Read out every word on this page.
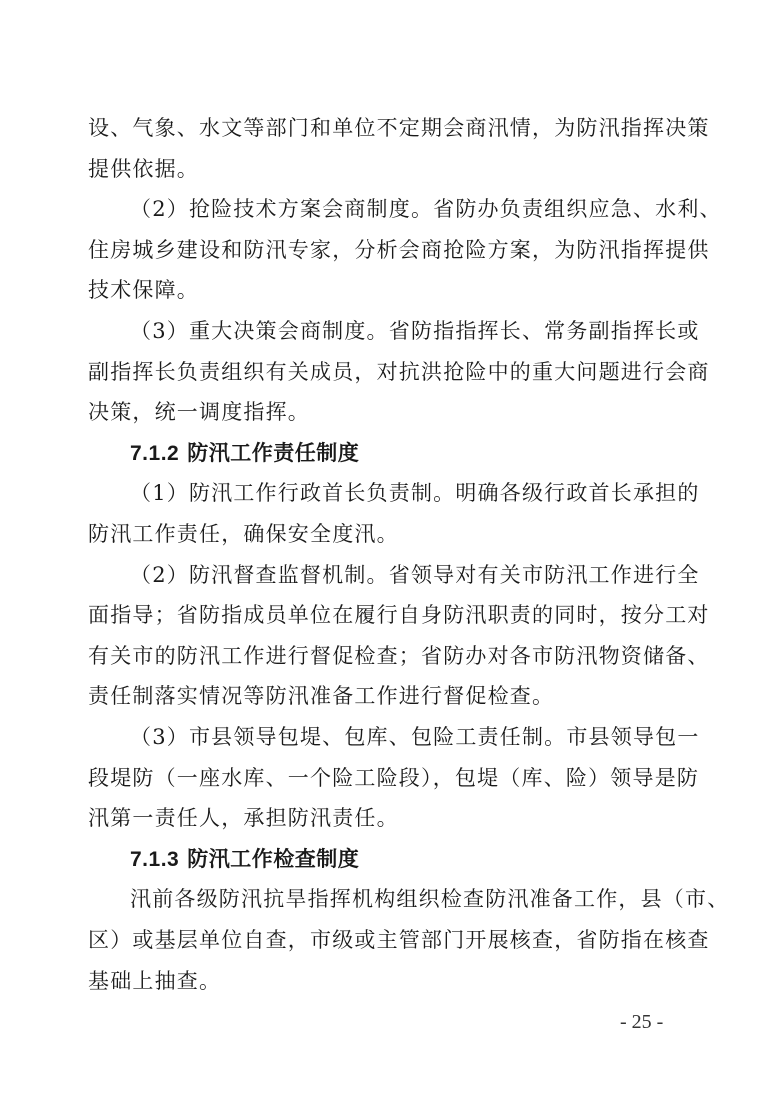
- 25 -
设、气象、水文等部门和单位不定期会商汛情，为防汛指挥决策
提供依据。
（2）抢险技术方案会商制度。省防办负责组织应急、水利、
住房城乡建设和防汛专家，分析会商抢险方案，为防汛指挥提供
技术保障。
（3）重大决策会商制度。省防指指挥长、常务副指挥长或
副指挥长负责组织有关成员，对抗洪抢险中的重大问题进行会商
决策，统一调度指挥。
7.1.2 防汛工作责任制度
（1）防汛工作行政首长负责制。明确各级行政首长承担的
防汛工作责任，确保安全度汛。
（2）防汛督查监督机制。省领导对有关市防汛工作进行全
面指导；省防指成员单位在履行自身防汛职责的同时，按分工对
有关市的防汛工作进行督促检查；省防办对各市防汛物资储备、
责任制落实情况等防汛准备工作进行督促检查。
（3）市县领导包堤、包库、包险工责任制。市县领导包一
段堤防（一座水库、一个险工险段），包堤（库、险）领导是防
汛第一责任人，承担防汛责任。
7.1.3 防汛工作检查制度
汛前各级防汛抗旱指挥机构组织检查防汛准备工作，县（市、
区）或基层单位自查，市级或主管部门开展核查，省防指在核查
基础上抽查。
